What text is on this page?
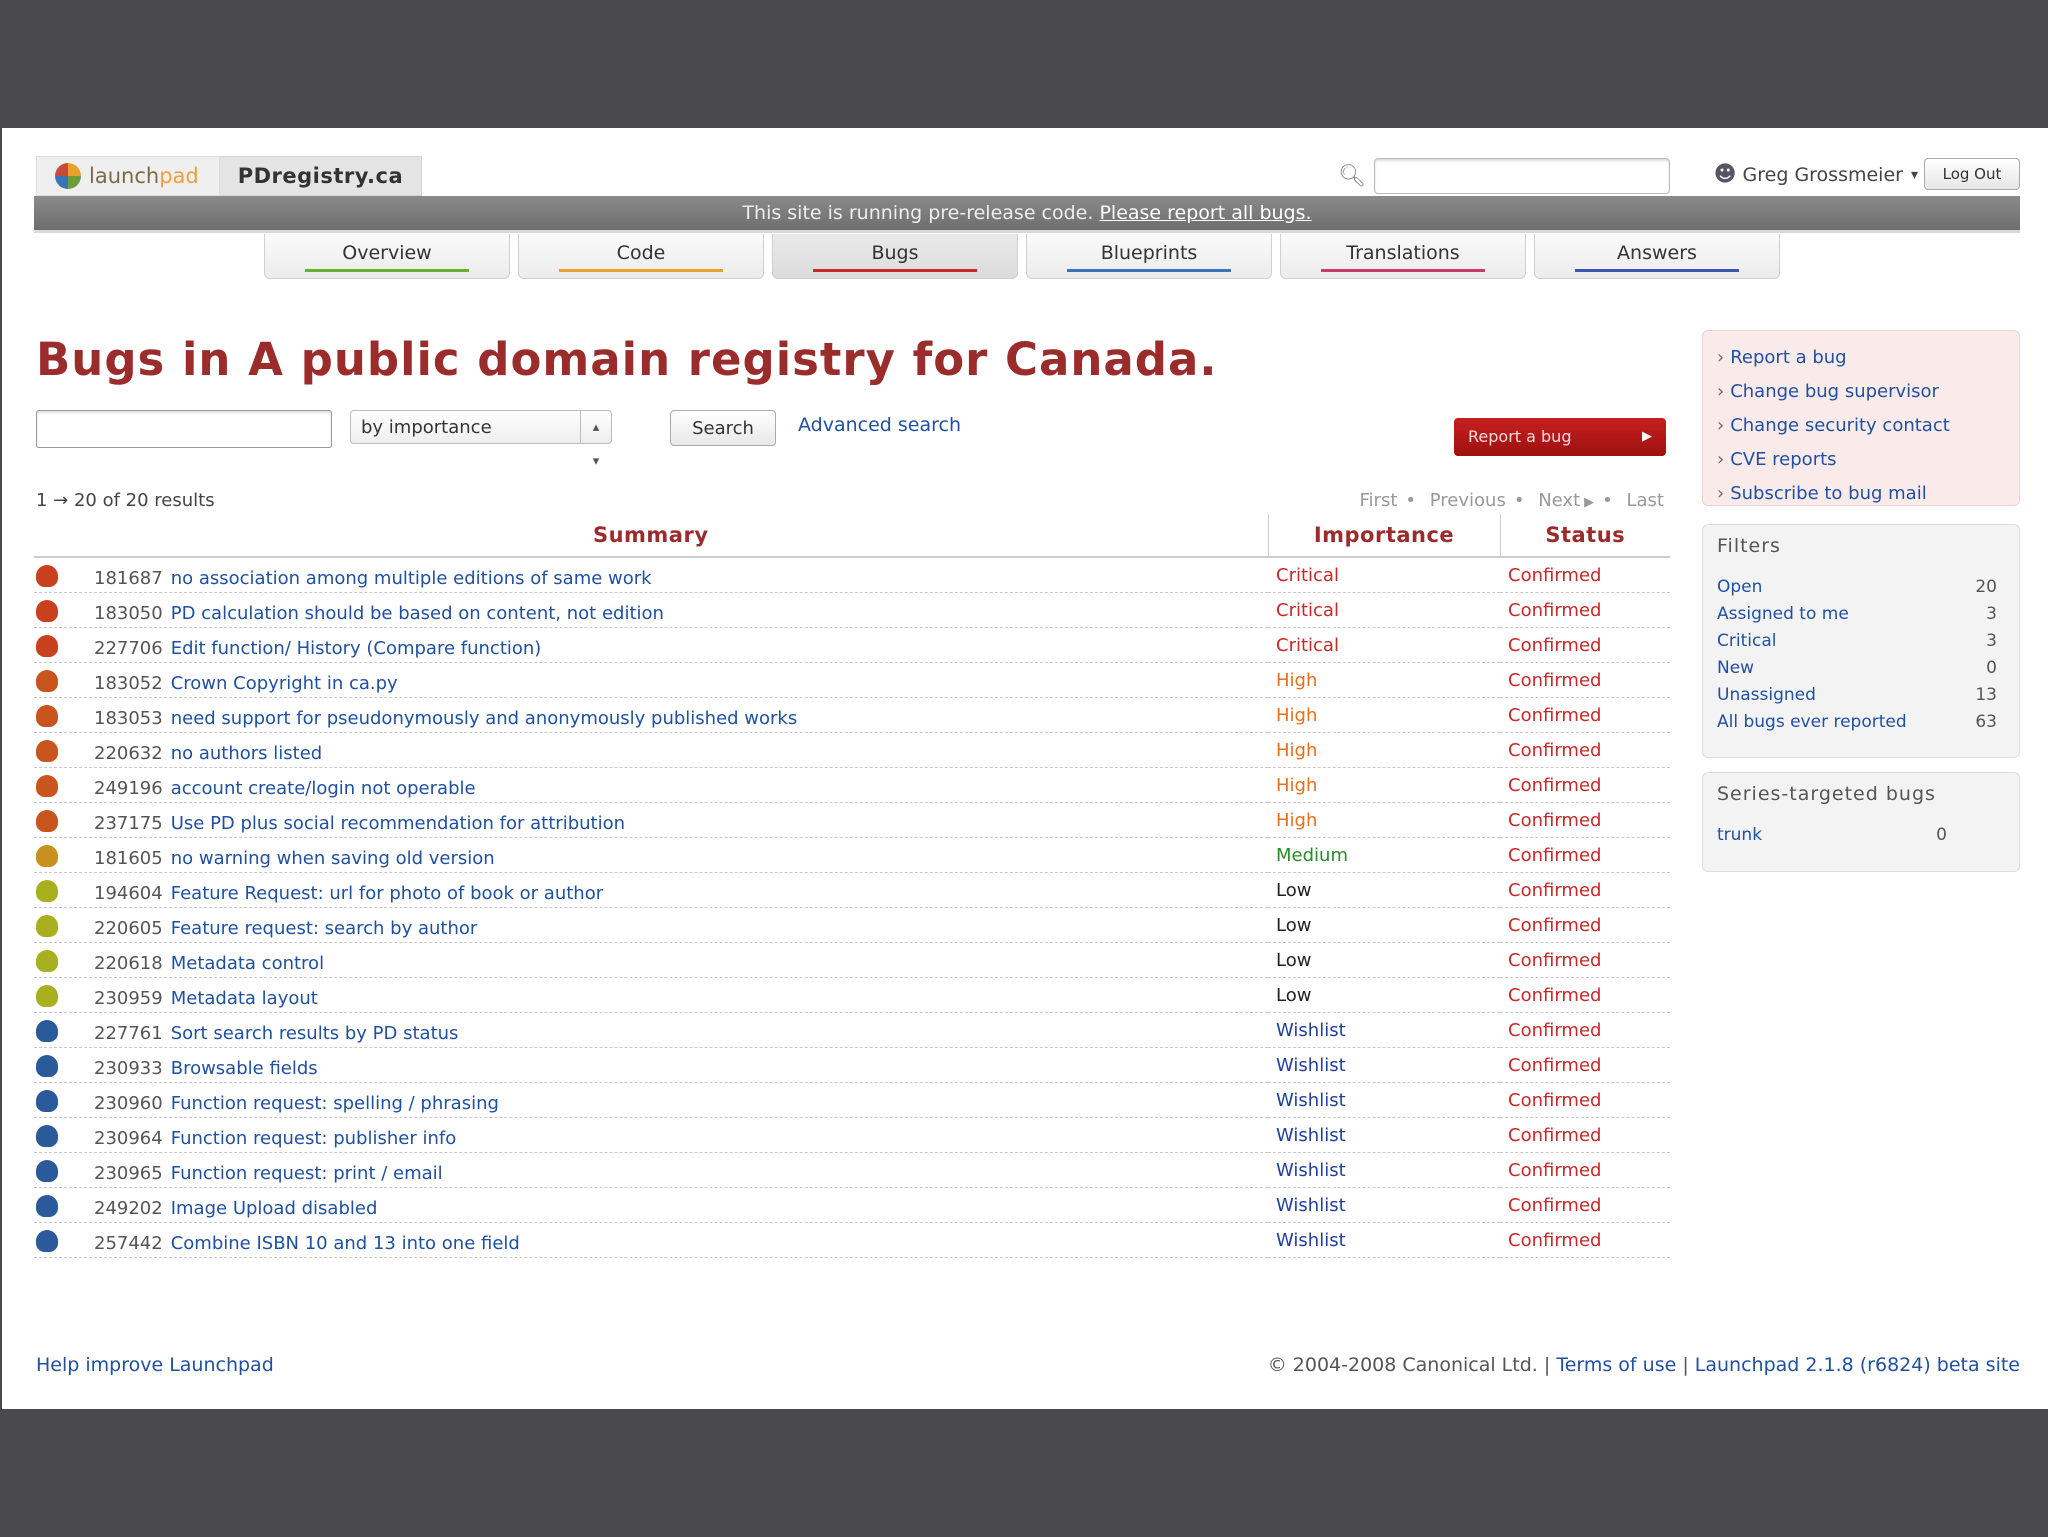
launch pad	PDregistry.ca	🔍︎	☻ Greg Grossmeier ▾	Log Out
This site is running pre-release code. Please report all bugs.
Overview	Code	Bugs	Blueprints	Translations	Answers
Bugs in A public domain registry for Canada.
by importance	▴
▾
Search	Advanced search
Report a bug	▶
1 → 20 of 20 results	First • Previous • Next ▶ • Last
Summary	Importance	Status
181687 no association among multiple editions of same work	Critical	Confirmed
183050 PD calculation should be based on content, not edition	Critical	Confirmed
227706 Edit function/ History (Compare function)	Critical	Confirmed
183052 Crown Copyright in ca.py	High	Confirmed
183053 need support for pseudonymously and anonymously published works	High	Confirmed
220632 no authors listed	High	Confirmed
249196 account create/login not operable	High	Confirmed
237175 Use PD plus social recommendation for attribution	High	Confirmed
181605 no warning when saving old version	Medium	Confirmed
194604 Feature Request: url for photo of book or author	Low	Confirmed
220605 Feature request: search by author	Low	Confirmed
220618 Metadata control	Low	Confirmed
230959 Metadata layout	Low	Confirmed
227761 Sort search results by PD status	Wishlist	Confirmed
230933 Browsable fields	Wishlist	Confirmed
230960 Function request: spelling / phrasing	Wishlist	Confirmed
230964 Function request: publisher info	Wishlist	Confirmed
230965 Function request: print / email	Wishlist	Confirmed
249202 Image Upload disabled	Wishlist	Confirmed
257442 Combine ISBN 10 and 13 into one field	Wishlist	Confirmed
› Report a bug
› Change bug supervisor
› Change security contact
› CVE reports
› Subscribe to bug mail
Filters
Open	20
Assigned to me	3
Critical	3
New	0
Unassigned	13
All bugs ever reported	63
Series-targeted bugs
trunk	0
Help improve Launchpad	© 2004-2008 Canonical Ltd. | Terms of use | Launchpad 2.1.8 (r6824) beta site
